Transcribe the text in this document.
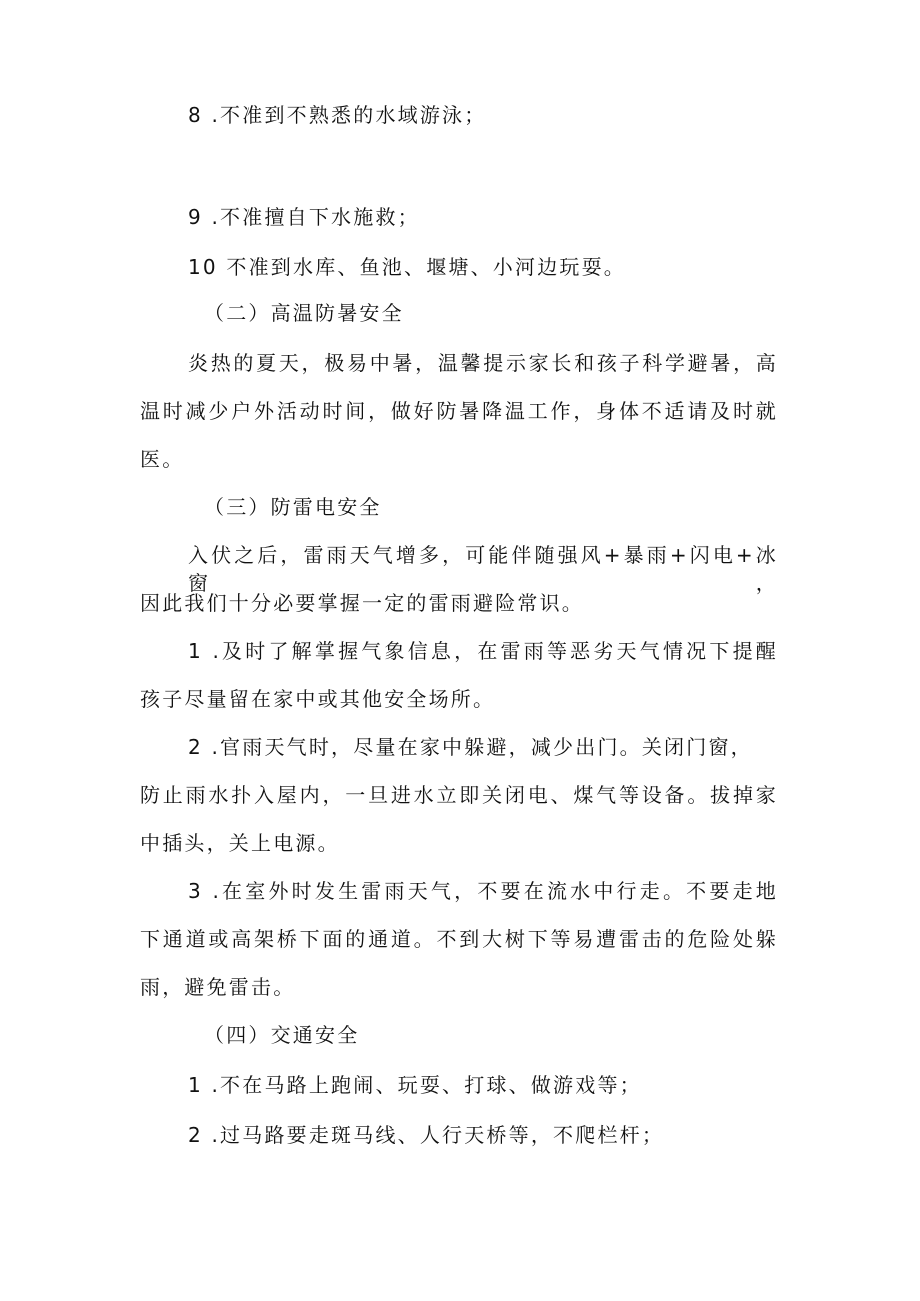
8 .不准到不熟悉的水域游泳；

9 .不准擅自下水施救；

10 不准到水库、鱼池、堰塘、小河边玩耍。

（二）高温防暑安全

炎热的夏天，极易中暑，温馨提示家长和孩子科学避暑，高

温时减少户外活动时间，做好防暑降温工作，身体不适请及时就

医。

（三）防雷电安全

入伏之后，雷雨天气增多，可能伴随强风+暴雨+闪电+冰窗，

因此我们十分必要掌握一定的雷雨避险常识。

1 .及时了解掌握气象信息，在雷雨等恶劣天气情况下提醒

孩子尽量留在家中或其他安全场所。

2 .官雨天气时，尽量在家中躲避，减少出门。关闭门窗，

防止雨水扑入屋内，一旦进水立即关闭电、煤气等设备。拔掉家

中插头，关上电源。

3 .在室外时发生雷雨天气，不要在流水中行走。不要走地

下通道或高架桥下面的通道。不到大树下等易遭雷击的危险处躲

雨，避免雷击。

（四）交通安全

1 .不在马路上跑闹、玩耍、打球、做游戏等；

2 .过马路要走斑马线、人行天桥等，不爬栏杆；
